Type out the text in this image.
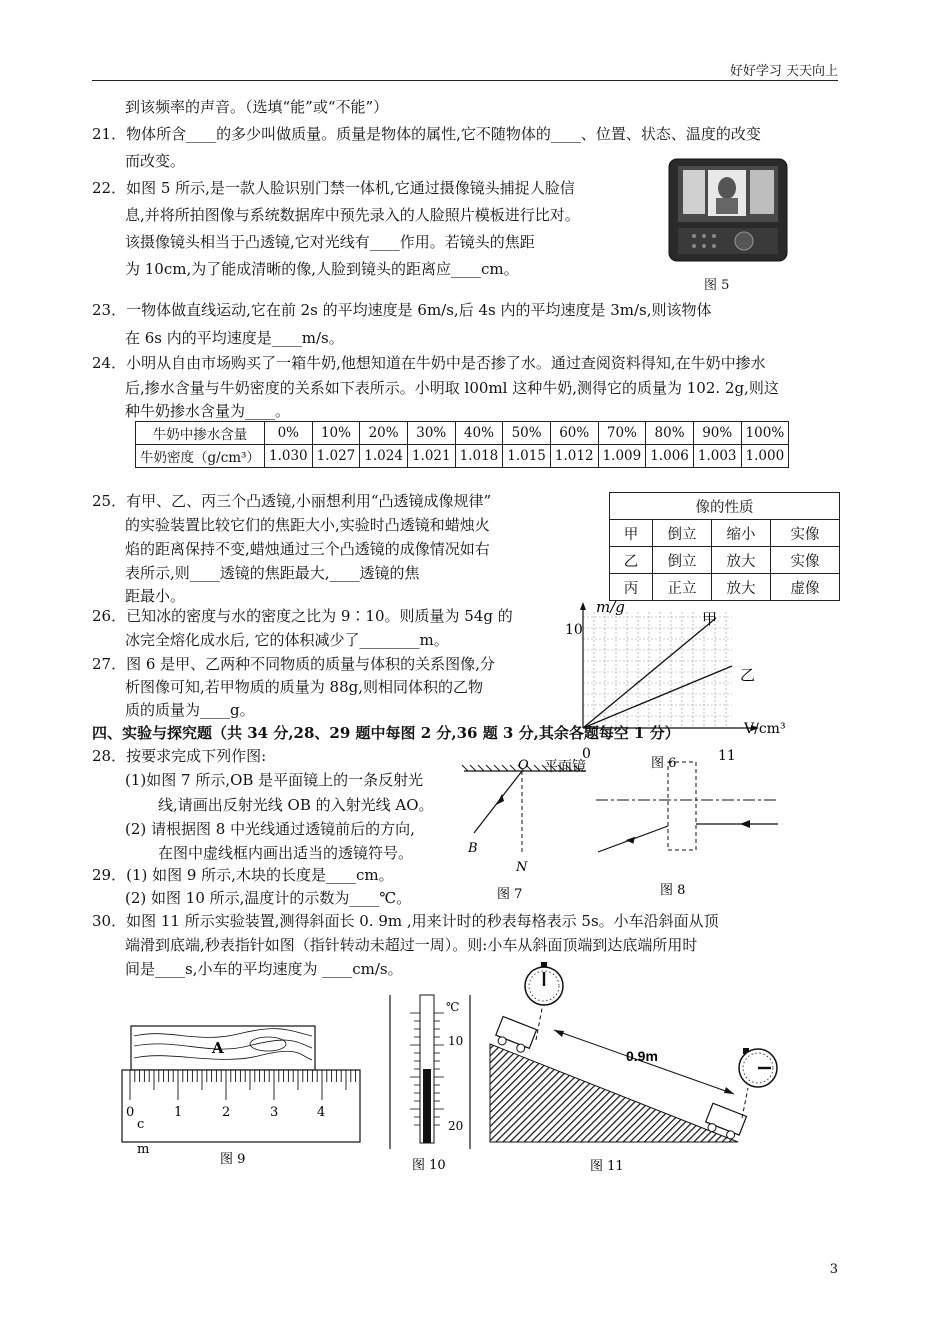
好好学习 天天向上
到该频率的声音。（选填“能”或“不能”）
21．物体所含____的多少叫做质量。质量是物体的属性,它不随物体的____、位置、状态、温度的改变
而改变。
22．如图 5 所示,是一款人脸识别门禁一体机,它通过摄像镜头捕捉人脸信
息,并将所拍图像与系统数据库中预先录入的人脸照片模板进行比对。
该摄像镜头相当于凸透镜,它对光线有____作用。若镜头的焦距
为 10cm,为了能成清晰的像,人脸到镜头的距离应____cm。
图 5
23．一物体做直线运动,它在前 2s 的平均速度是 6m/s,后 4s 内的平均速度是 3m/s,则该物体
在 6s 内的平均速度是____m/s。
24．小明从自由市场购买了一箱牛奶,他想知道在牛奶中是否掺了水。通过查阅资料得知,在牛奶中掺水
后,掺水含量与牛奶密度的关系如下表所示。小明取 l00ml 这种牛奶,测得它的质量为 102. 2g,则这
种牛奶掺水含量为____。
牛奶中掺水含量	0%	10%	20%	30%	40%	50%	60%	70%	80%	90%	100%
牛奶密度（g/cm³）	1.030	1.027	1.024	1.021	1.018	1.015	1.012	1.009	1.006	1.003	1.000
25．有甲、乙、丙三个凸透镜,小丽想利用“凸透镜成像规律”
的实验装置比较它们的焦距大小,实验时凸透镜和蜡烛火
焰的距离保持不变,蜡烛通过三个凸透镜的成像情况如右
表所示,则____透镜的焦距最大,____透镜的焦
距最小。
像的性质			
甲	倒立	缩小	实像
乙	倒立	放大	实像
丙	正立	放大	虚像
26．已知冰的密度与水的密度之比为 9∶10。则质量为 54g 的
冰完全熔化成水后, 它的体积减少了________m。
27．图 6 是甲、乙两种不同物质的质量与体积的关系图像,分
析图像可知,若甲物质的质量为 88g,则相同体积的乙物
质的质量为____g。
m/g
10
V/cm³
0	11
甲
乙
图 6
四、实验与探究题（共 34 分,28、29 题中每图 2 分,36 题 3 分,其余各题每空 1 分）
28．按要求完成下列作图:
(1)如图 7 所示,OB 是平面镜上的一条反射光
线,请画出反射光线 OB 的入射光线 AO。
(2) 请根据图 8 中光线通过透镜前后的方向,
在图中虚线框内画出适当的透镜符号。
O 平面镜
B
N
图 7	图 8
29．(1) 如图 9 所示,木块的长度是____cm。
(2) 如图 10 所示,温度计的示数为____℃。
30．如图 11 所示实验装置,测得斜面长 0. 9m ,用来计时的秒表每格表示 5s。小车沿斜面从顶
端滑到底端,秒表指针如图（指针转动未超过一周）。则:小车从斜面顶端到达底端所用时
间是____s,小车的平均速度为 ____cm/s。
A
0	1	2	3	4
c
m
图 9
℃
10
20
图 10
0.9m
图 11
3
